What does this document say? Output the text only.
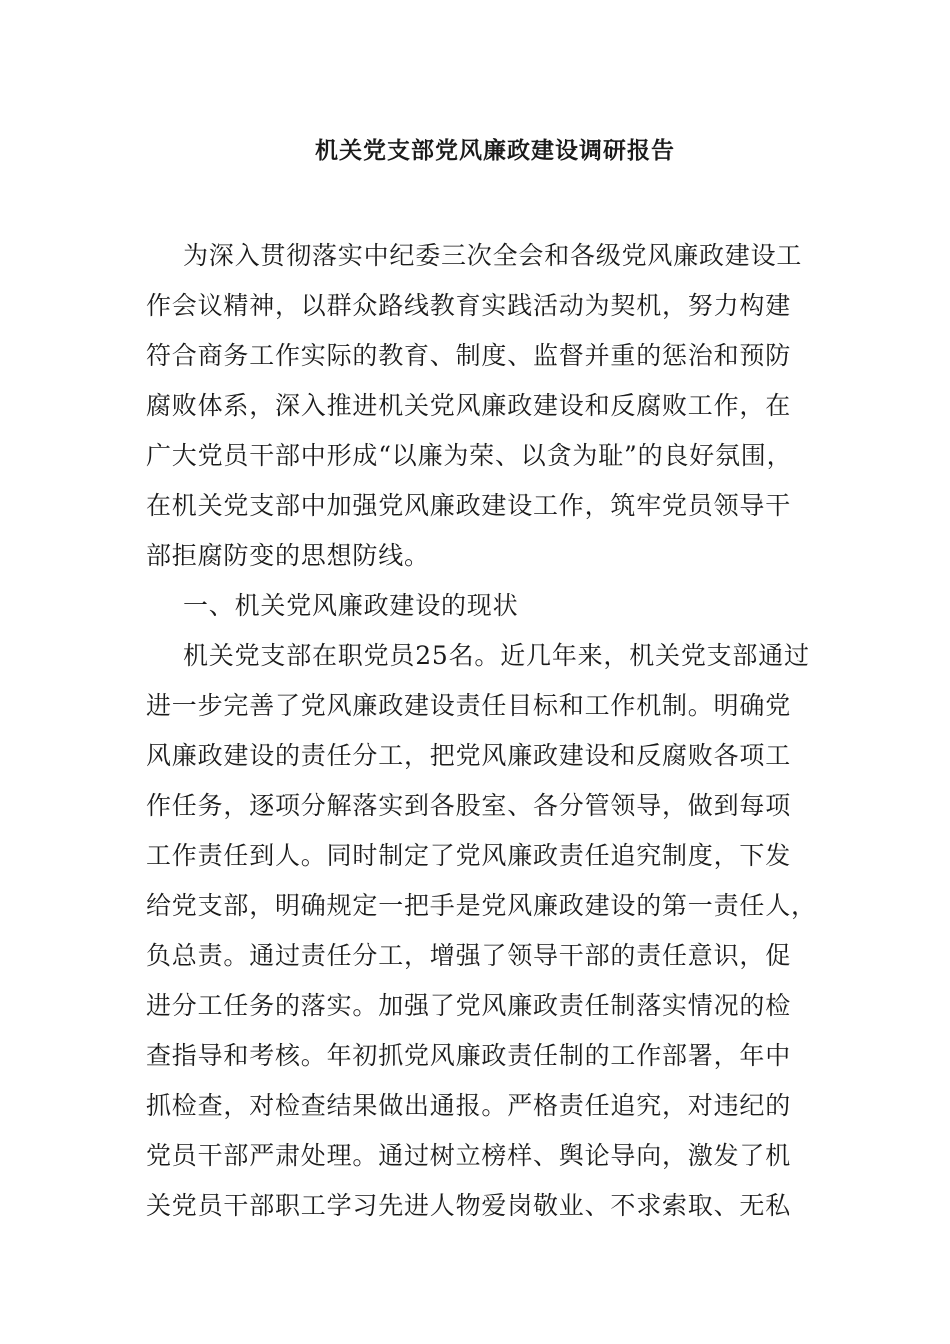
机关党支部党风廉政建设调研报告
为深入贯彻落实中纪委三次全会和各级党风廉政建设工
作会议精神，以群众路线教育实践活动为契机，努力构建
符合商务工作实际的教育、制度、监督并重的惩治和预防
腐败体系，深入推进机关党风廉政建设和反腐败工作，在
广大党员干部中形成“以廉为荣、以贪为耻”的良好氛围，
在机关党支部中加强党风廉政建设工作，筑牢党员领导干
部拒腐防变的思想防线。
一、机关党风廉政建设的现状
机关党支部在职党员25名。近几年来，机关党支部通过
进一步完善了党风廉政建设责任目标和工作机制。明确党
风廉政建设的责任分工，把党风廉政建设和反腐败各项工
作任务，逐项分解落实到各股室、各分管领导，做到每项
工作责任到人。同时制定了党风廉政责任追究制度，下发
给党支部，明确规定一把手是党风廉政建设的第一责任人，
负总责。通过责任分工，增强了领导干部的责任意识，促
进分工任务的落实。加强了党风廉政责任制落实情况的检
查指导和考核。年初抓党风廉政责任制的工作部署，年中
抓检查，对检查结果做出通报。严格责任追究，对违纪的
党员干部严肃处理。通过树立榜样、舆论导向，激发了机
关党员干部职工学习先进人物爱岗敬业、不求索取、无私
